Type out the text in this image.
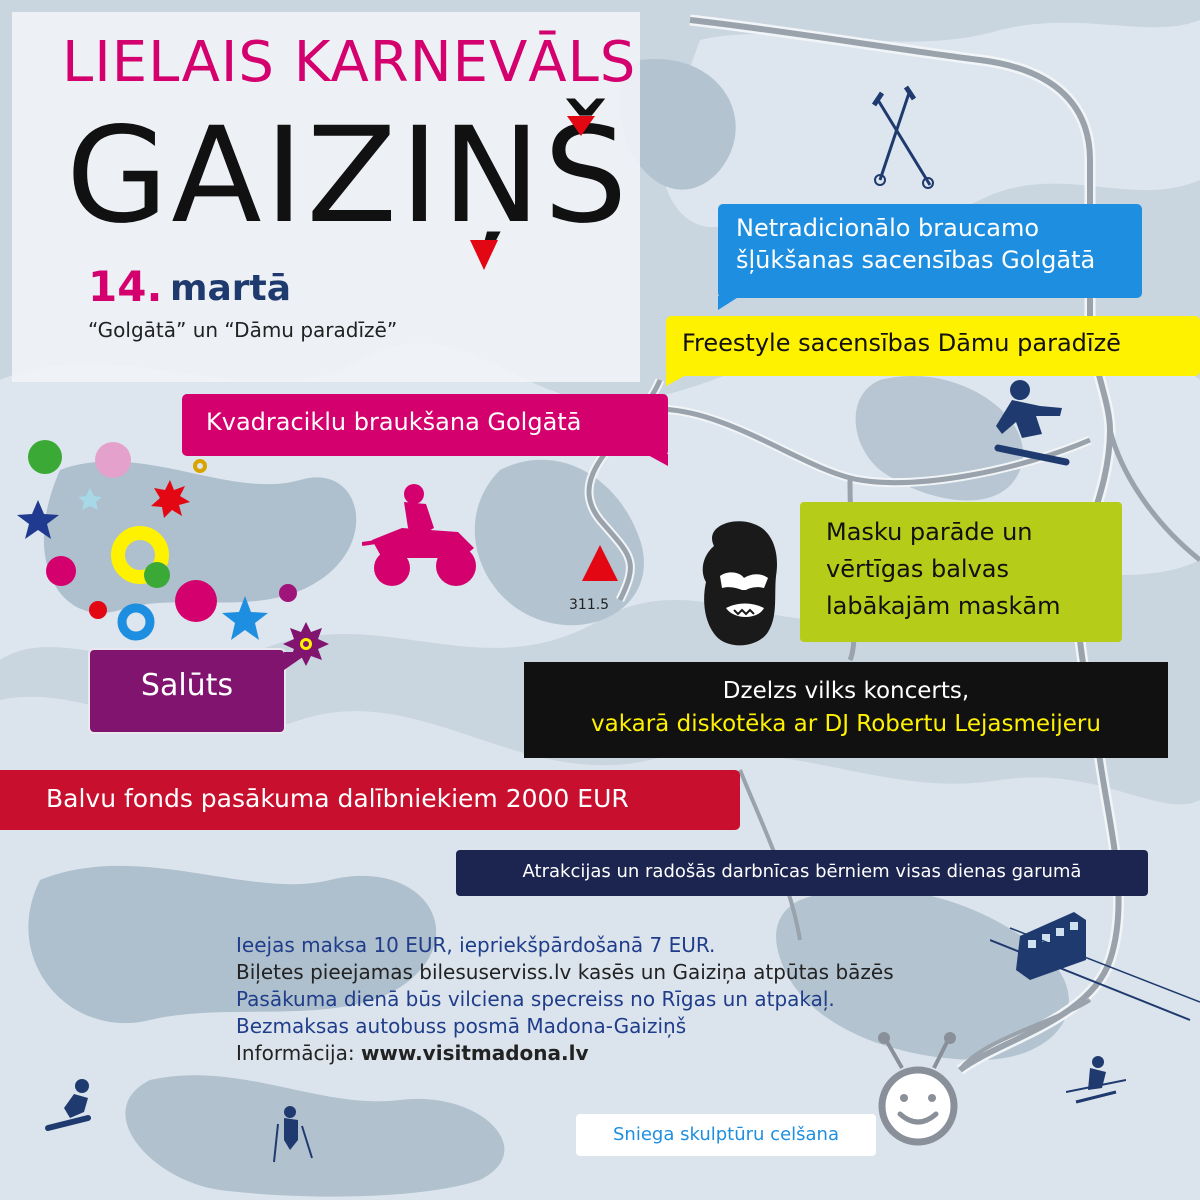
LIELAIS KARNEVĀLS
GAIZIŅŠ
14. martā
“Golgātā” un “Dāmu paradīzē”
Netradicionālo braucamo
šļūkšanas sacensības Golgātā
Freestyle sacensības Dāmu paradīzē
Kvadraciklu braukšana Golgātā
311.5
Masku parāde un
vērtīgas balvas
labākajām maskām
Dzelzs vilks koncerts,
vakarā diskotēka ar DJ Robertu Lejasmeijeru
Salūts
Balvu fonds pasākuma dalībniekiem 2000 EUR
Atrakcijas un radošās darbnīcas bērniem visas dienas garumā
Ieejas maksa 10 EUR, iepriekšpārdošanā 7 EUR.
Biļetes pieejamas bilesuserviss.lv kasēs un Gaiziņa atpūtas bāzēs
Pasākuma dienā būs vilciena specreiss no Rīgas un atpakaļ.
Bezmaksas autobuss posmā Madona-Gaiziņš
Informācija: www.visitmadona.lv
Sniega skulptūru celšana
